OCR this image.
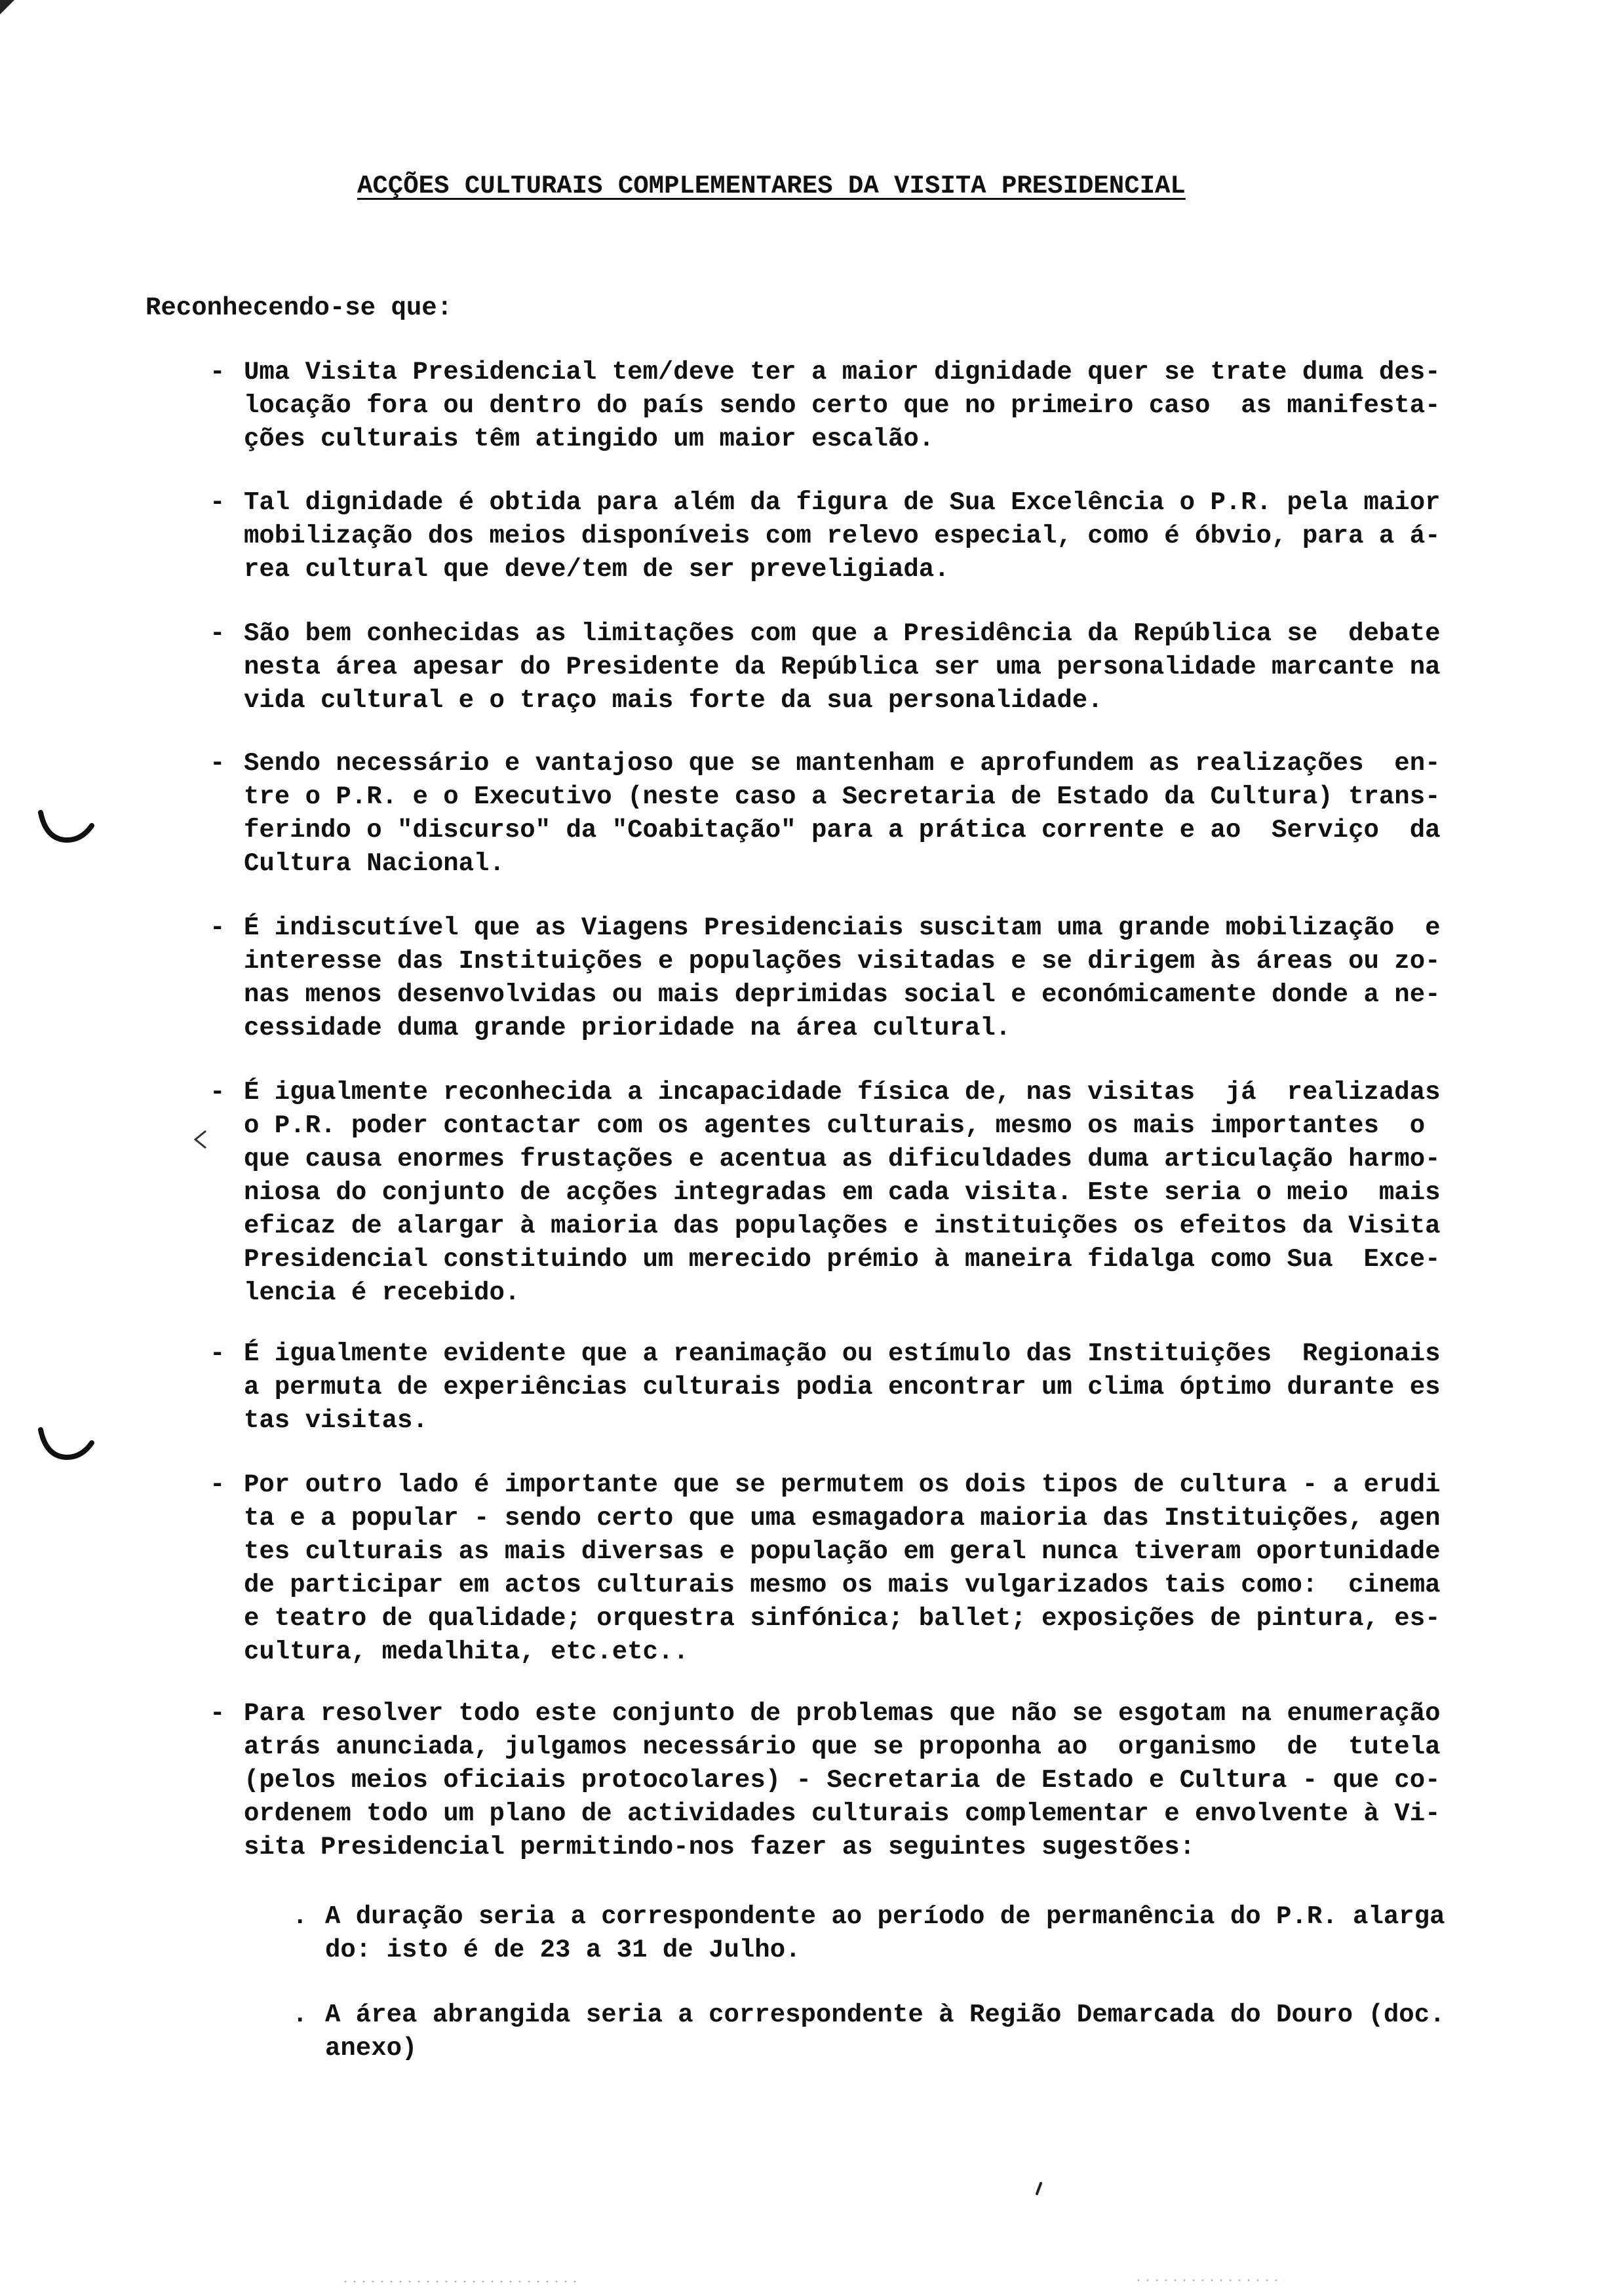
ACÇÕES CULTURAIS COMPLEMENTARES DA VISITA PRESIDENCIAL
Reconhecendo-se que:
- Uma Visita Presidencial tem/deve ter a maior dignidade quer se trate duma des-
locação fora ou dentro do país sendo certo que no primeiro caso  as manifesta-
ções culturais têm atingido um maior escalão.
- Tal dignidade é obtida para além da figura de Sua Excelência o P.R. pela maior
mobilização dos meios disponíveis com relevo especial, como é óbvio, para a á-
rea cultural que deve/tem de ser preveligiada.
- São bem conhecidas as limitações com que a Presidência da República se  debate
nesta área apesar do Presidente da República ser uma personalidade marcante na
vida cultural e o traço mais forte da sua personalidade.
- Sendo necessário e vantajoso que se mantenham e aprofundem as realizações  en-
tre o P.R. e o Executivo (neste caso a Secretaria de Estado da Cultura) trans-
ferindo o "discurso" da "Coabitação" para a prática corrente e ao  Serviço  da
Cultura Nacional.
- É indiscutível que as Viagens Presidenciais suscitam uma grande mobilização  e
interesse das Instituições e populações visitadas e se dirigem às áreas ou zo-
nas menos desenvolvidas ou mais deprimidas social e económicamente donde a ne-
cessidade duma grande prioridade na área cultural.
- É igualmente reconhecida a incapacidade física de, nas visitas  já  realizadas
o P.R. poder contactar com os agentes culturais, mesmo os mais importantes  o
que causa enormes frustações e acentua as dificuldades duma articulação harmo-
niosa do conjunto de acções integradas em cada visita. Este seria o meio  mais
eficaz de alargar à maioria das populações e instituições os efeitos da Visita
Presidencial constituindo um merecido prémio à maneira fidalga como Sua  Exce-
lencia é recebido.
- É igualmente evidente que a reanimação ou estímulo das Instituições  Regionais
a permuta de experiências culturais podia encontrar um clima óptimo durante es
tas visitas.
- Por outro lado é importante que se permutem os dois tipos de cultura - a erudi
ta e a popular - sendo certo que uma esmagadora maioria das Instituições, agen
tes culturais as mais diversas e população em geral nunca tiveram oportunidade
de participar em actos culturais mesmo os mais vulgarizados tais como:  cinema
e teatro de qualidade; orquestra sinfónica; ballet; exposições de pintura, es-
cultura, medalhita, etc.etc..
- Para resolver todo este conjunto de problemas que não se esgotam na enumeração
atrás anunciada, julgamos necessário que se proponha ao  organismo  de  tutela
(pelos meios oficiais protocolares) - Secretaria de Estado e Cultura - que co-
ordenem todo um plano de actividades culturais complementar e envolvente à Vi-
sita Presidencial permitindo-nos fazer as seguintes sugestões:
. A duração seria a correspondente ao período de permanência do P.R. alarga
do: isto é de 23 a 31 de Julho.
. A área abrangida seria a correspondente à Região Demarcada do Douro (doc.
anexo)
